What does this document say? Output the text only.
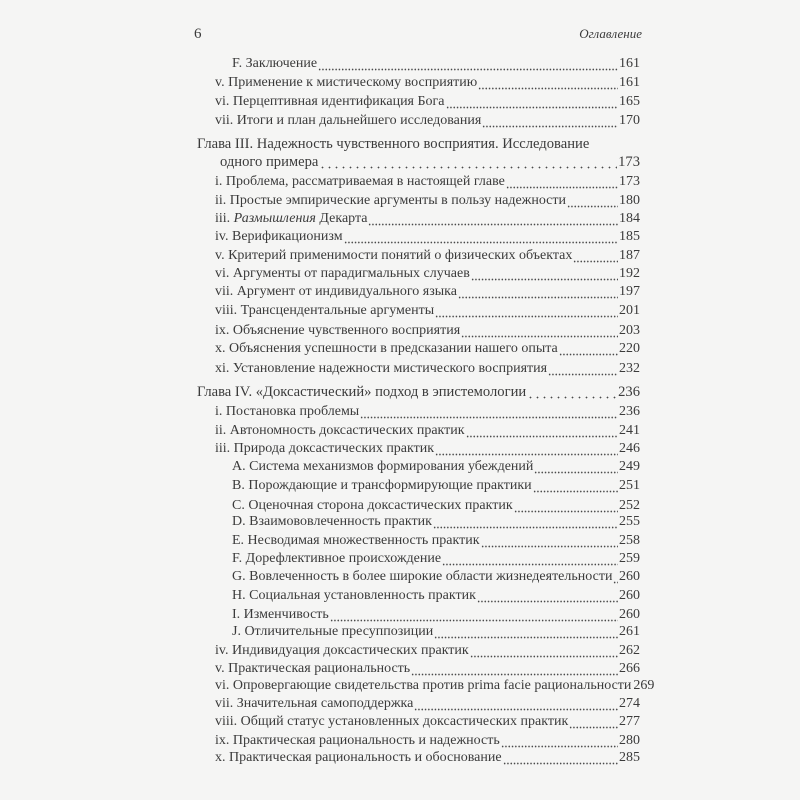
6	Оглавление
F. Заключение	161
v. Применение к мистическому восприятию	161
vi. Перцептивная идентификация Бога	165
vii. Итоги и план дальнейшего исследования	170
Глава III. Надежность чувственного восприятия. Исследование
одного примера	173
i. Проблема, рассматриваемая в настоящей главе	173
ii. Простые эмпирические аргументы в пользу надежности	180
iii. Размышления Декарта	184
iv. Верификационизм	185
v. Критерий применимости понятий о физических объектах	187
vi. Аргументы от парадигмальных случаев	192
vii. Аргумент от индивидуального языка	197
viii. Трансцендентальные аргументы	201
ix. Объяснение чувственного восприятия	203
x. Объяснения успешности в предсказании нашего опыта	220
xi. Установление надежности мистического восприятия	232
Глава IV. «Доксастический» подход в эпистемологии	236
i. Постановка проблемы	236
ii. Автономность доксастических практик	241
iii. Природа доксастических практик	246
A. Система механизмов формирования убеждений	249
B. Порождающие и трансформирующие практики	251
C. Оценочная сторона доксастических практик	252
D. Взаимововлеченность практик	255
E. Несводимая множественность практик	258
F. Дорефлективное происхождение	259
G. Вовлеченность в более широкие области жизнедеятельности 260
H. Социальная установленность практик	260
I. Изменчивость	260
J. Отличительные пресуппозиции	261
iv. Индивидуация доксастических практик	262
v. Практическая рациональность	266
vi. Опровергающие свидетельства против prima facie рациональности 269
vii. Значительная самоподдержка	274
viii. Общий статус установленных доксастических практик	277
ix. Практическая рациональность и надежность	280
x. Практическая рациональность и обоснование	285
